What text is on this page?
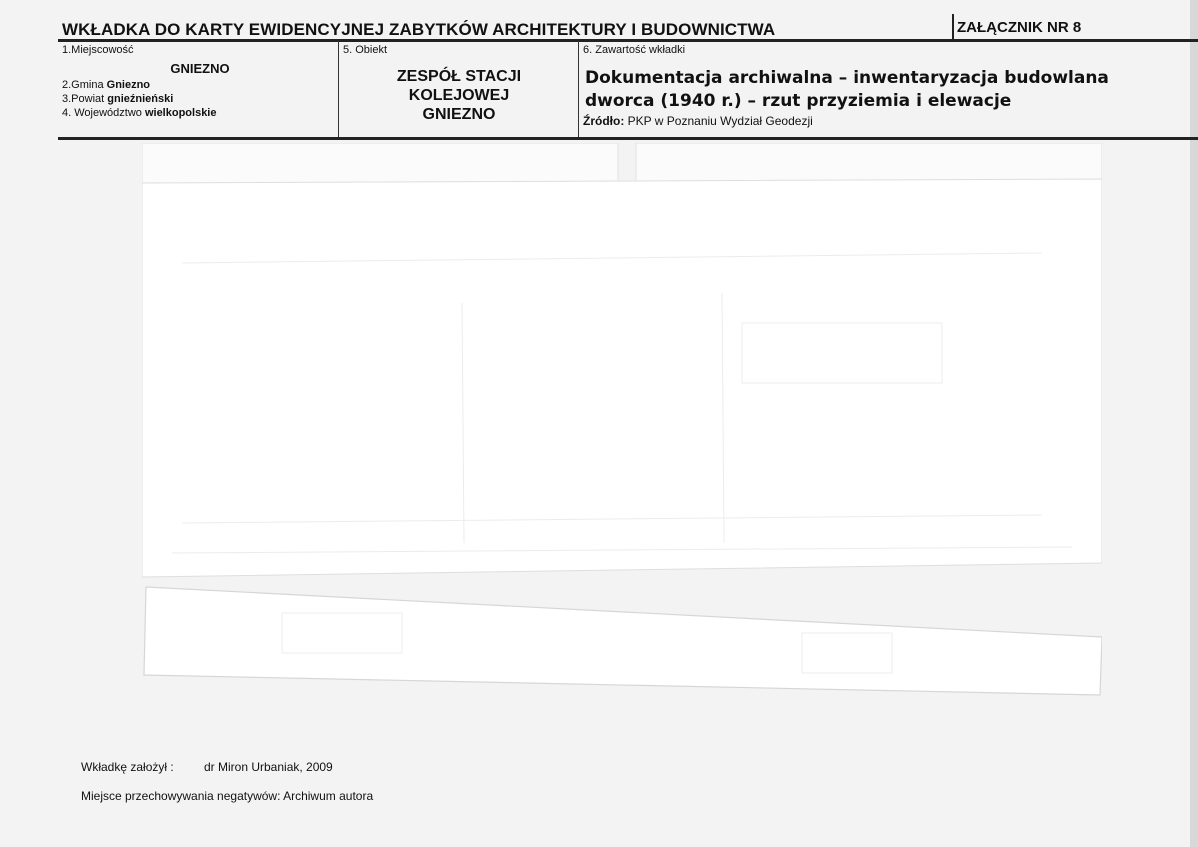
WKŁADKA DO KARTY EWIDENCYJNEJ ZABYTKÓW ARCHITEKTURY I BUDOWNICTWA	ZAŁĄCZNIK NR 8
1.Miejscowość
GNIEZNO
2.Gmina Gniezno
3.Powiat gnieźnieński
4. Województwo wielkopolskie
5. Obiekt
ZESPÓŁ STACJI
KOLEJOWEJ
GNIEZNO
6. Zawartość wkładki
Dokumentacja archiwalna – inwentaryzacja budowlana
dworca (1940 r.) – rzut przyziemia i elewacje
Źródło: PKP w Poznaniu Wydział Geodezji
Wkładkę założył :	dr Miron Urbaniak, 2009
Miejsce przechowywania negatywów: Archiwum autora
